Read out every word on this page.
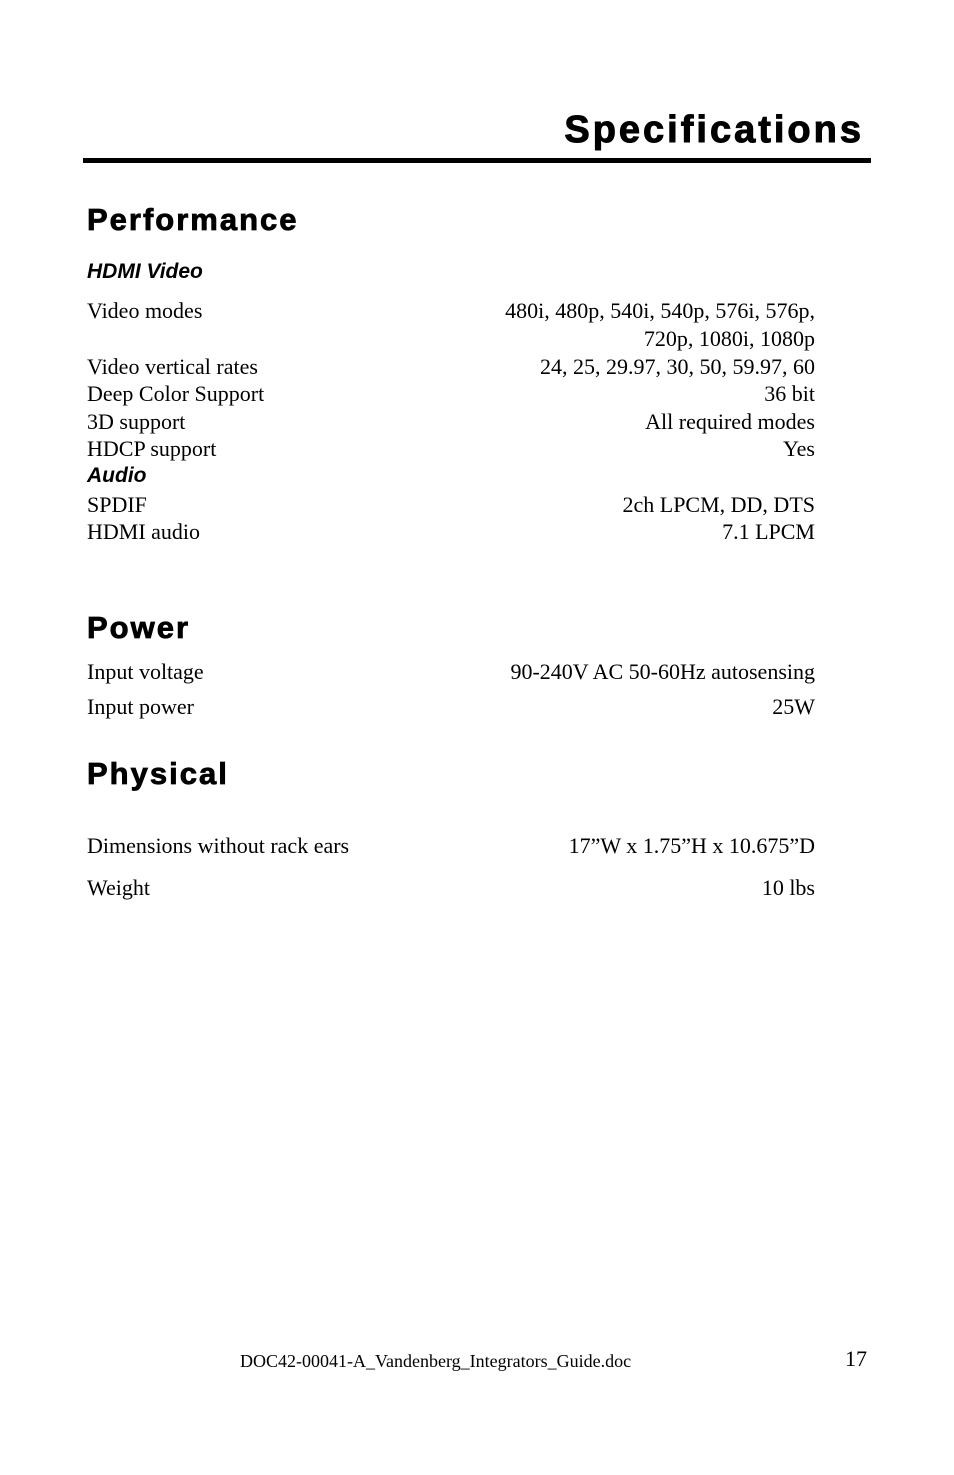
Specifications
Performance
HDMI Video
Video modes	480i, 480p, 540i, 540p, 576i, 576p,
720p, 1080i, 1080p
Video vertical rates	24, 25, 29.97, 30, 50, 59.97, 60
Deep Color Support	36 bit
3D support	All required modes
HDCP support	Yes
Audio
SPDIF	2ch LPCM, DD, DTS
HDMI audio	7.1 LPCM
Power
Input voltage	90-240V AC 50-60Hz autosensing
Input power	25W
Physical
Dimensions without rack ears	17”W x 1.75”H x 10.675”D
Weight	10 lbs
DOC42-00041-A_Vandenberg_Integrators_Guide.doc	17
